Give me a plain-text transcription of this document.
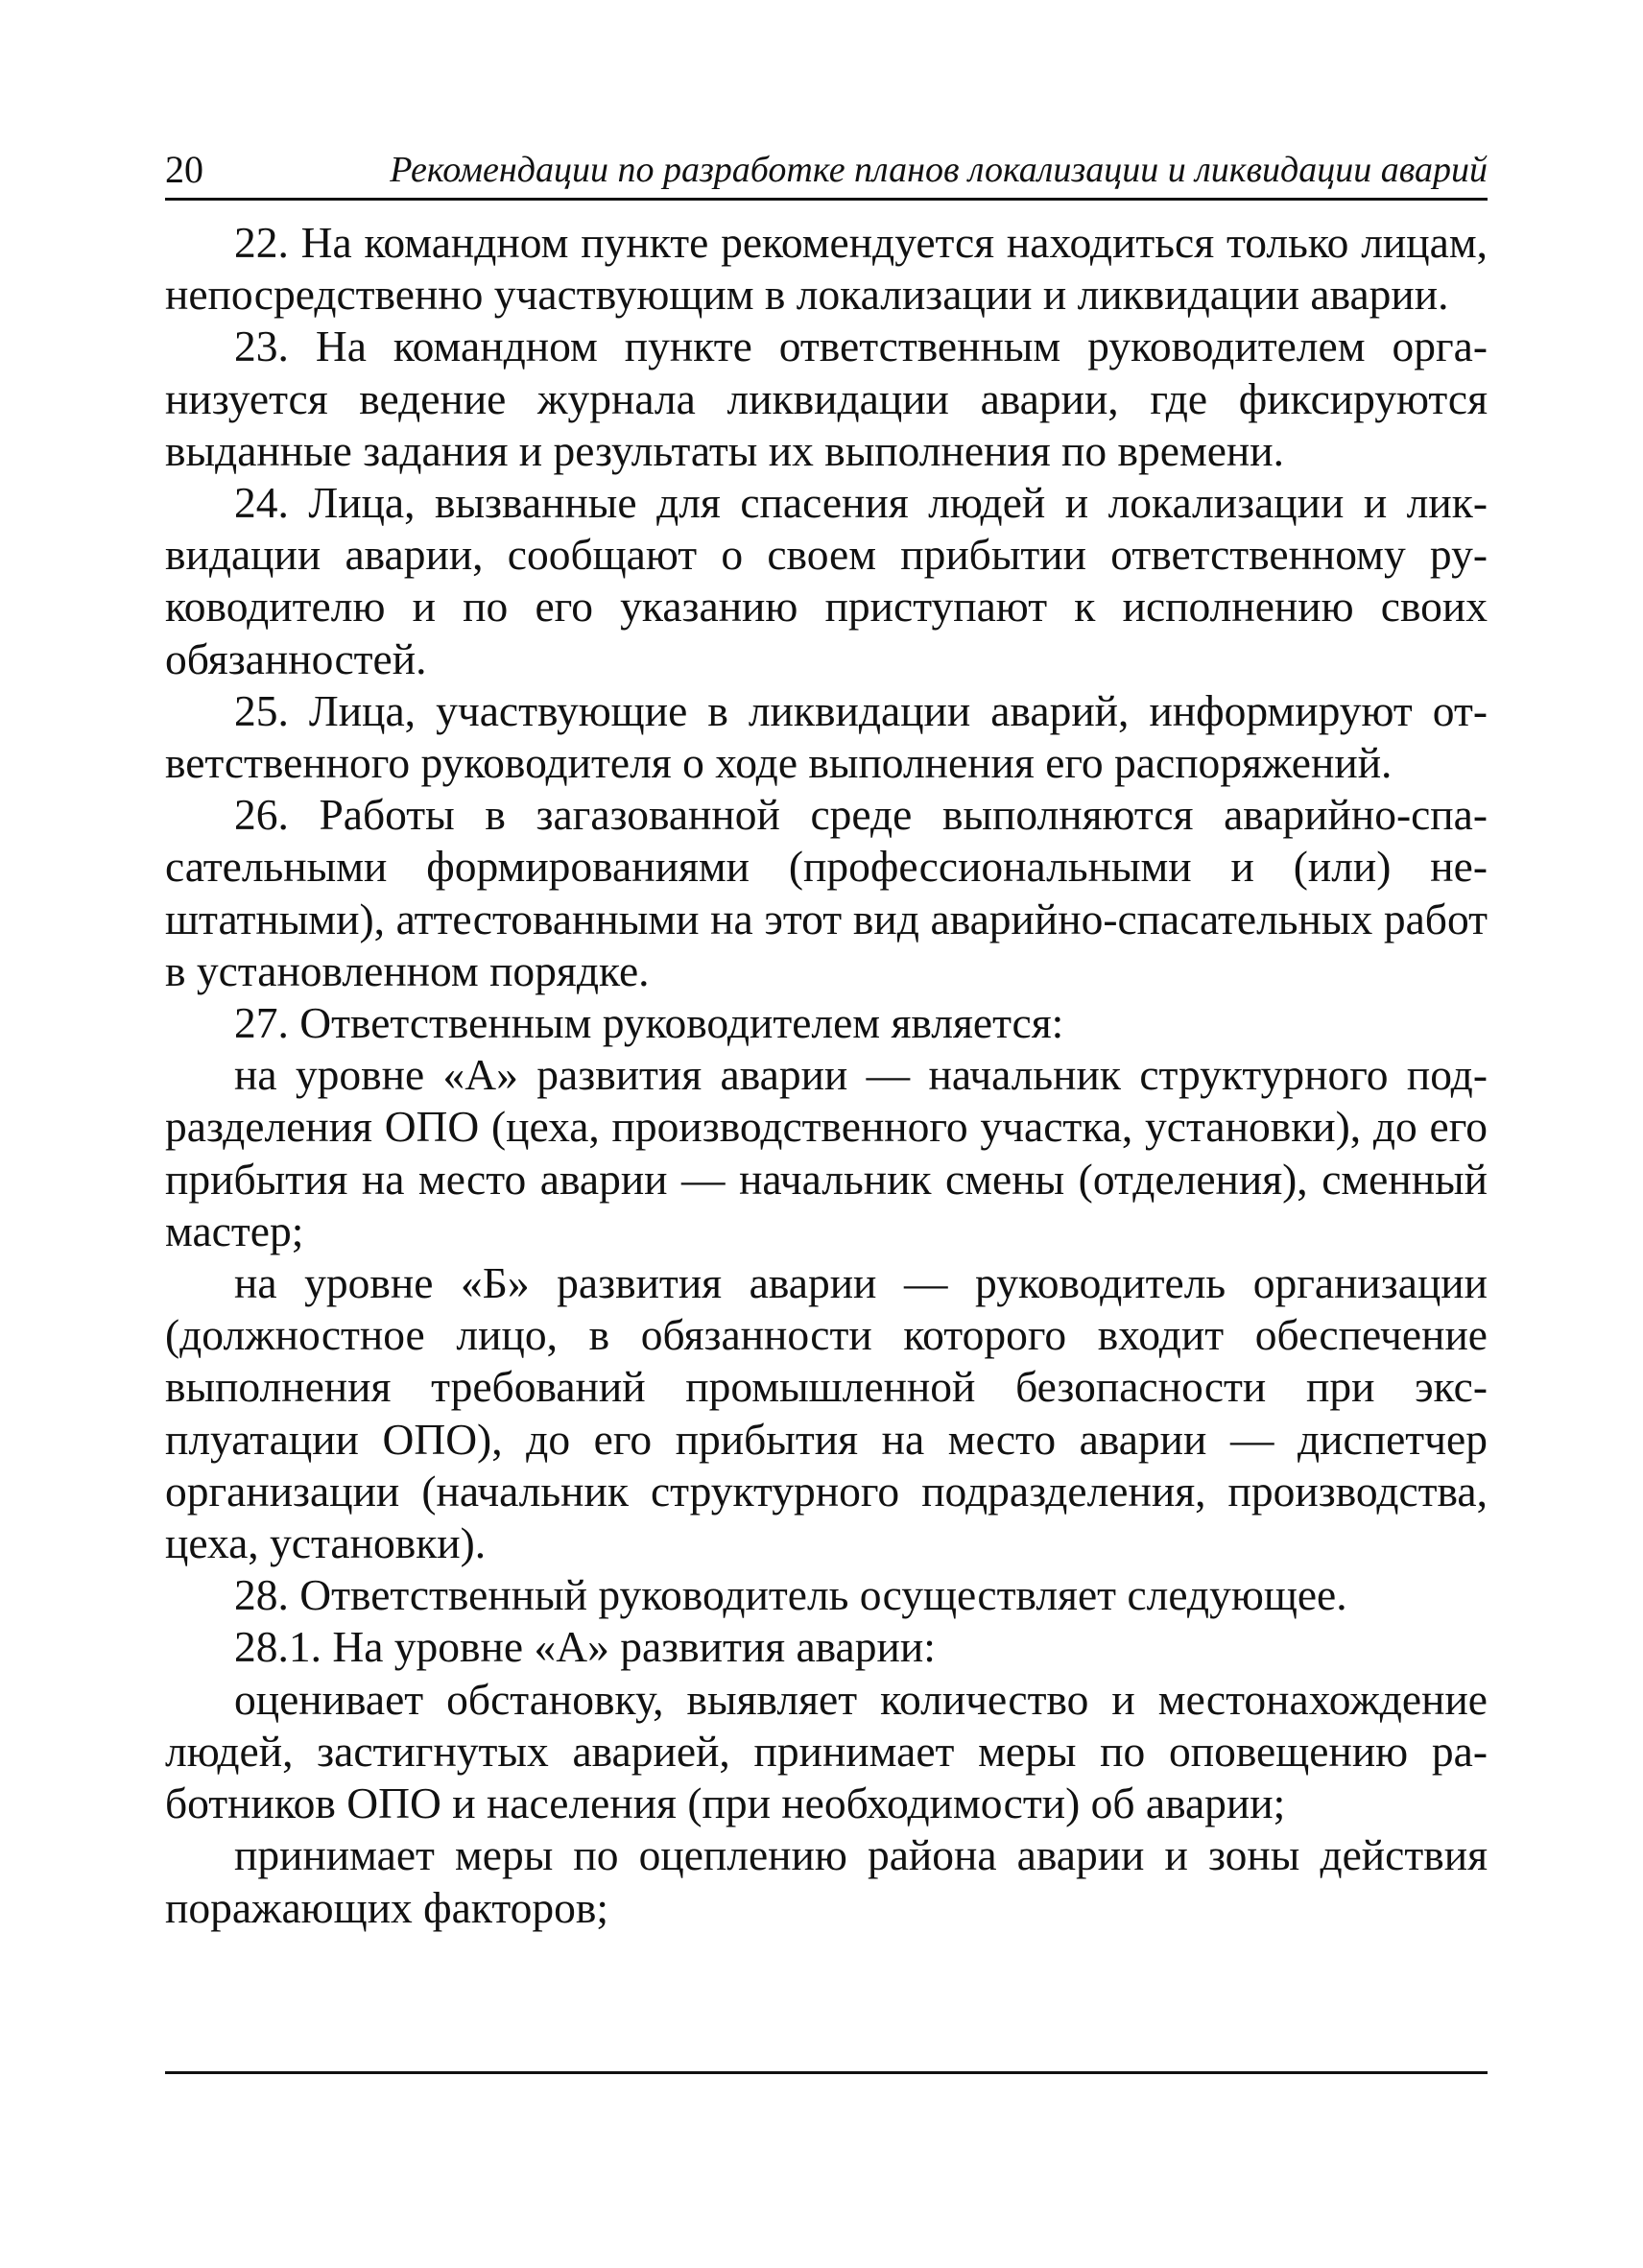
20	Рекомендации по разработке планов локализации и ликвидации аварий

22. На командном пункте рекомендуется находиться только лицам, непосредственно участвующим в локализации и ликвидации аварии.

23. На командном пункте ответственным руководителем организуется ведение журнала ликвидации аварии, где фиксируются выданные задания и результаты их выполнения по времени.

24. Лица, вызванные для спасения людей и локализации и ликвидации аварии, сообщают о своем прибытии ответственному руководителю и по его указанию приступают к исполнению своих обязанностей.

25. Лица, участвующие в ликвидации аварий, информируют ответственного руководителя о ходе выполнения его распоряжений.

26. Работы в загазованной среде выполняются аварийно-спасательными формированиями (профессиональными и (или) нештатными), аттестованными на этот вид аварийно-спасательных работ в установленном порядке.

27. Ответственным руководителем является:

на уровне «А» развития аварии — начальник структурного подразделения ОПО (цеха, производственного участка, установки), до его прибытия на место аварии — начальник смены (отделения), сменный мастер;

на уровне «Б» развития аварии — руководитель организации (должностное лицо, в обязанности которого входит обеспечение выполнения требований промышленной безопасности при эксплуатации ОПО), до его прибытия на место аварии — диспетчер организации (начальник структурного подразделения, производства, цеха, установки).

28. Ответственный руководитель осуществляет следующее.

28.1. На уровне «А» развития аварии:

оценивает обстановку, выявляет количество и местонахождение людей, застигнутых аварией, принимает меры по оповещению работников ОПО и населения (при необходимости) об аварии;

принимает меры по оцеплению района аварии и зоны действия поражающих факторов;
